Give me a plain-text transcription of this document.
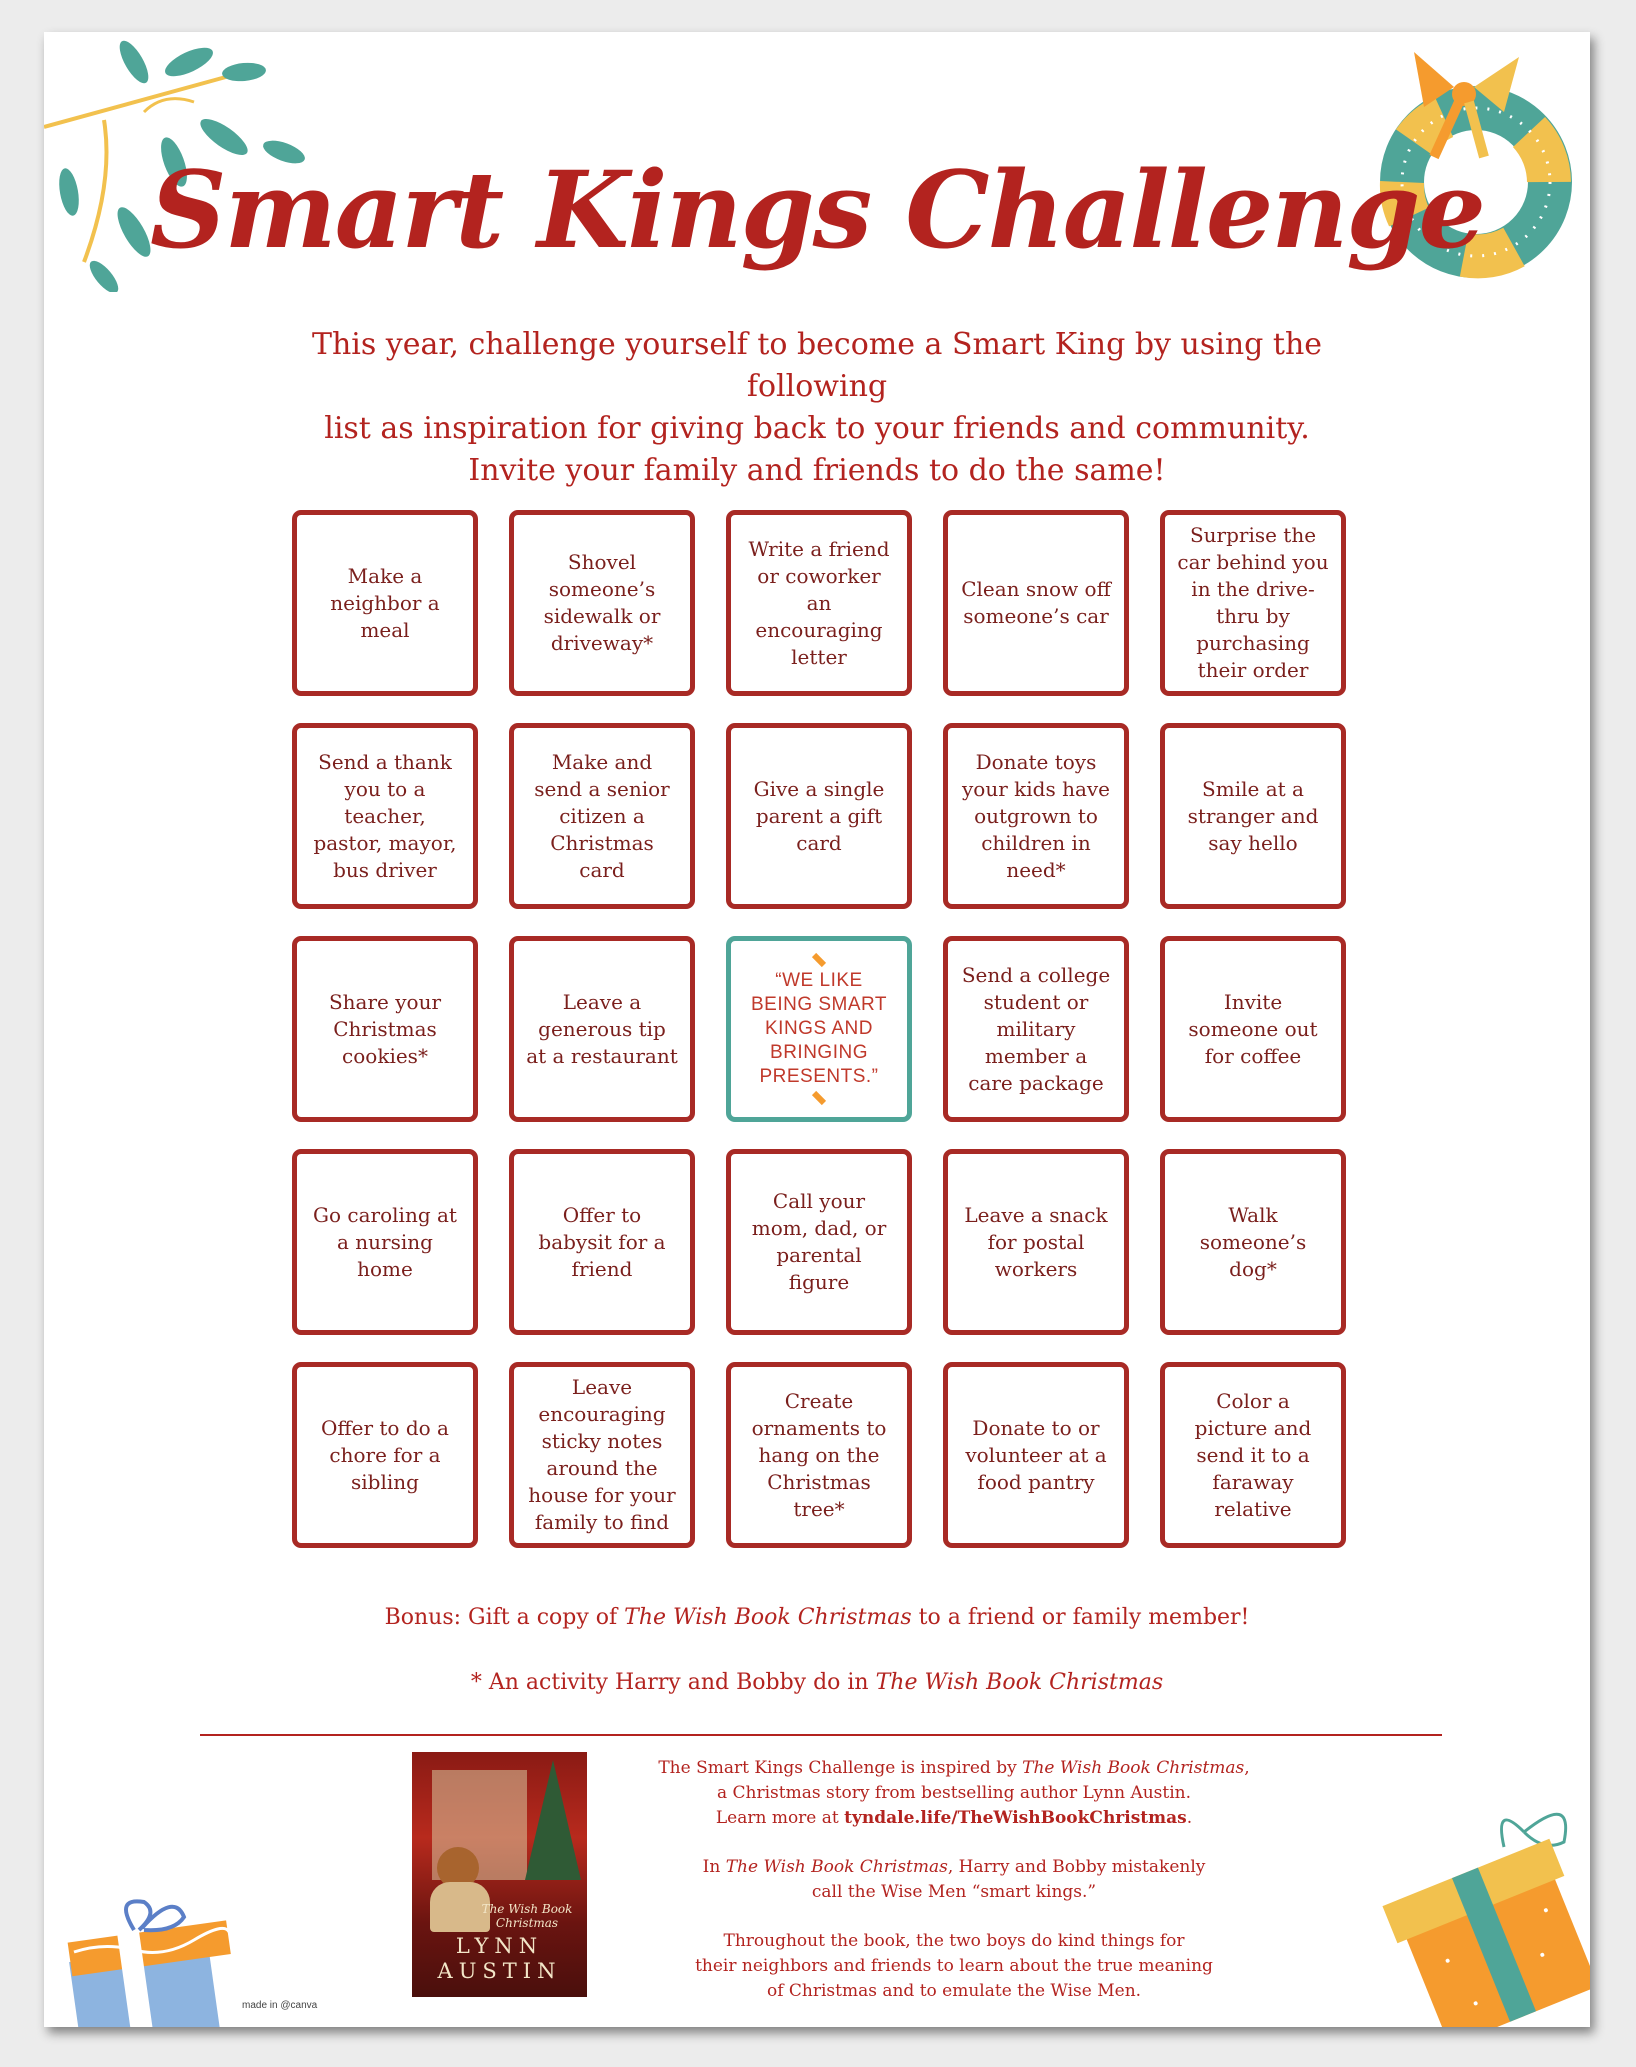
Smart Kings Challenge

This year, challenge yourself to become a Smart King by using the following
list as inspiration for giving back to your friends and community.
Invite your family and friends to do the same!

Make a neighbor a meal
Shovel someone’s sidewalk or driveway*
Write a friend or coworker an encouraging letter
Clean snow off someone’s car
Surprise the car behind you in the drive-thru by purchasing their order
Send a thank you to a teacher, pastor, mayor, bus driver
Make and send a senior citizen a Christmas card
Give a single parent a gift card
Donate toys your kids have outgrown to children in need*
Smile at a stranger and say hello
Share your Christmas cookies*
Leave a generous tip at a restaurant
“WE LIKE BEING SMART KINGS AND BRINGING PRESENTS.”
Send a college student or military member a care package
Invite someone out for coffee
Go caroling at a nursing home
Offer to babysit for a friend
Call your mom, dad, or parental figure
Leave a snack for postal workers
Walk someone’s dog*
Offer to do a chore for a sibling
Leave encouraging sticky notes around the house for your family to find
Create ornaments to hang on the Christmas tree*
Donate to or volunteer at a food pantry
Color a picture and send it to a faraway relative
Bonus: Gift a copy of The Wish Book Christmas to a friend or family member!
* An activity Harry and Bobby do in The Wish Book Christmas
The Wish Book Christmas
LYNN
AUSTIN

The Smart Kings Challenge is inspired by The Wish Book Christmas,
a Christmas story from bestselling author Lynn Austin.
Learn more at tyndale.life/TheWishBookChristmas.

In The Wish Book Christmas, Harry and Bobby mistakenly
call the Wise Men “smart kings.”

Throughout the book, the two boys do kind things for
their neighbors and friends to learn about the true meaning
of Christmas and to emulate the Wise Men.

made in @canva
